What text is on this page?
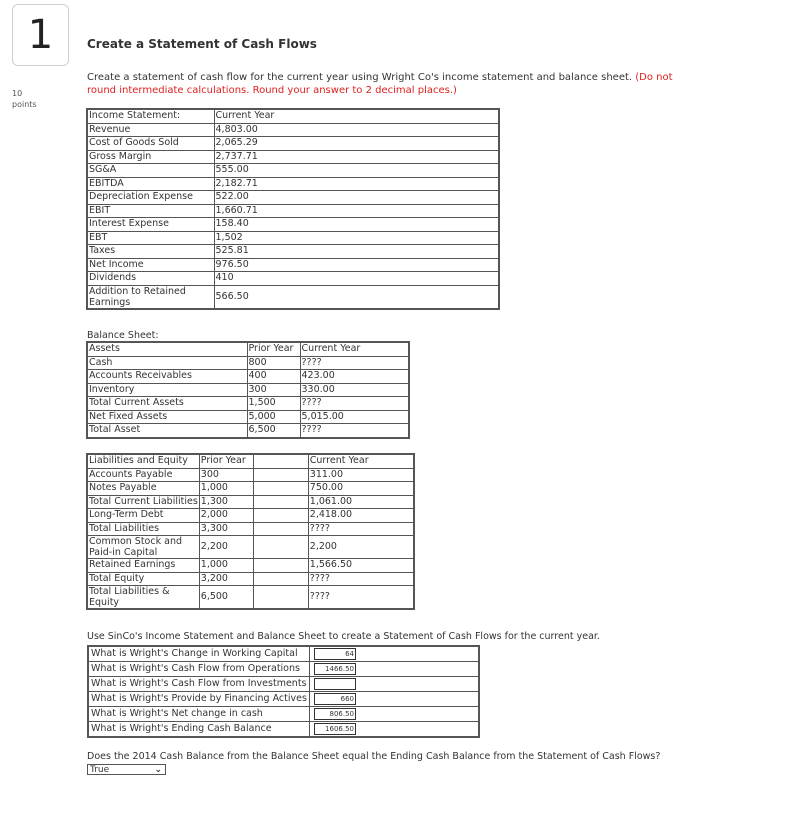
1	Create a Statement of Cash Flows
10
points
Create a statement of cash flow for the current year using Wright Co's income statement and balance sheet. (Do not round intermediate calculations. Round your answer to 2 decimal places.)
Income Statement:	Current Year
Revenue	4,803.00
Cost of Goods Sold	2,065.29
Gross Margin	2,737.71
SG&A	555.00
EBITDA	2,182.71
Depreciation Expense	522.00
EBIT	1,660.71
Interest Expense	158.40
EBT	1,502
Taxes	525.81
Net Income	976.50
Dividends	410
Addition to Retained Earnings	566.50
Balance Sheet:
Assets	Prior Year	Current Year
Cash	800	????
Accounts Receivables	400	423.00
Inventory	300	330.00
Total Current Assets	1,500	????
Net Fixed Assets	5,000	5,015.00
Total Asset	6,500	????
Liabilities and Equity	Prior Year		Current Year
Accounts Payable	300		311.00
Notes Payable	1,000		750.00
Total Current Liabilities	1,300		1,061.00
Long-Term Debt	2,000		2,418.00
Total Liabilities	3,300		????
Common Stock and Paid-in Capital	2,200		2,200
Retained Earnings	1,000		1,566.50
Total Equity	3,200		????
Total Liabilities & Equity	6,500		????
Use SinCo's Income Statement and Balance Sheet to create a Statement of Cash Flows for the current year.
What is Wright's Change in Working Capital	64

What is Wright's Cash Flow from Operations	1466.50

What is Wright's Cash Flow from Investments	

What is Wright's Provide by Financing Actives	660

What is Wright's Net change in cash	806.50

What is Wright's Ending Cash Balance	1606.50
Does the 2014 Cash Balance from the Balance Sheet equal the Ending Cash Balance from the Statement of Cash Flows?
True	⌄
